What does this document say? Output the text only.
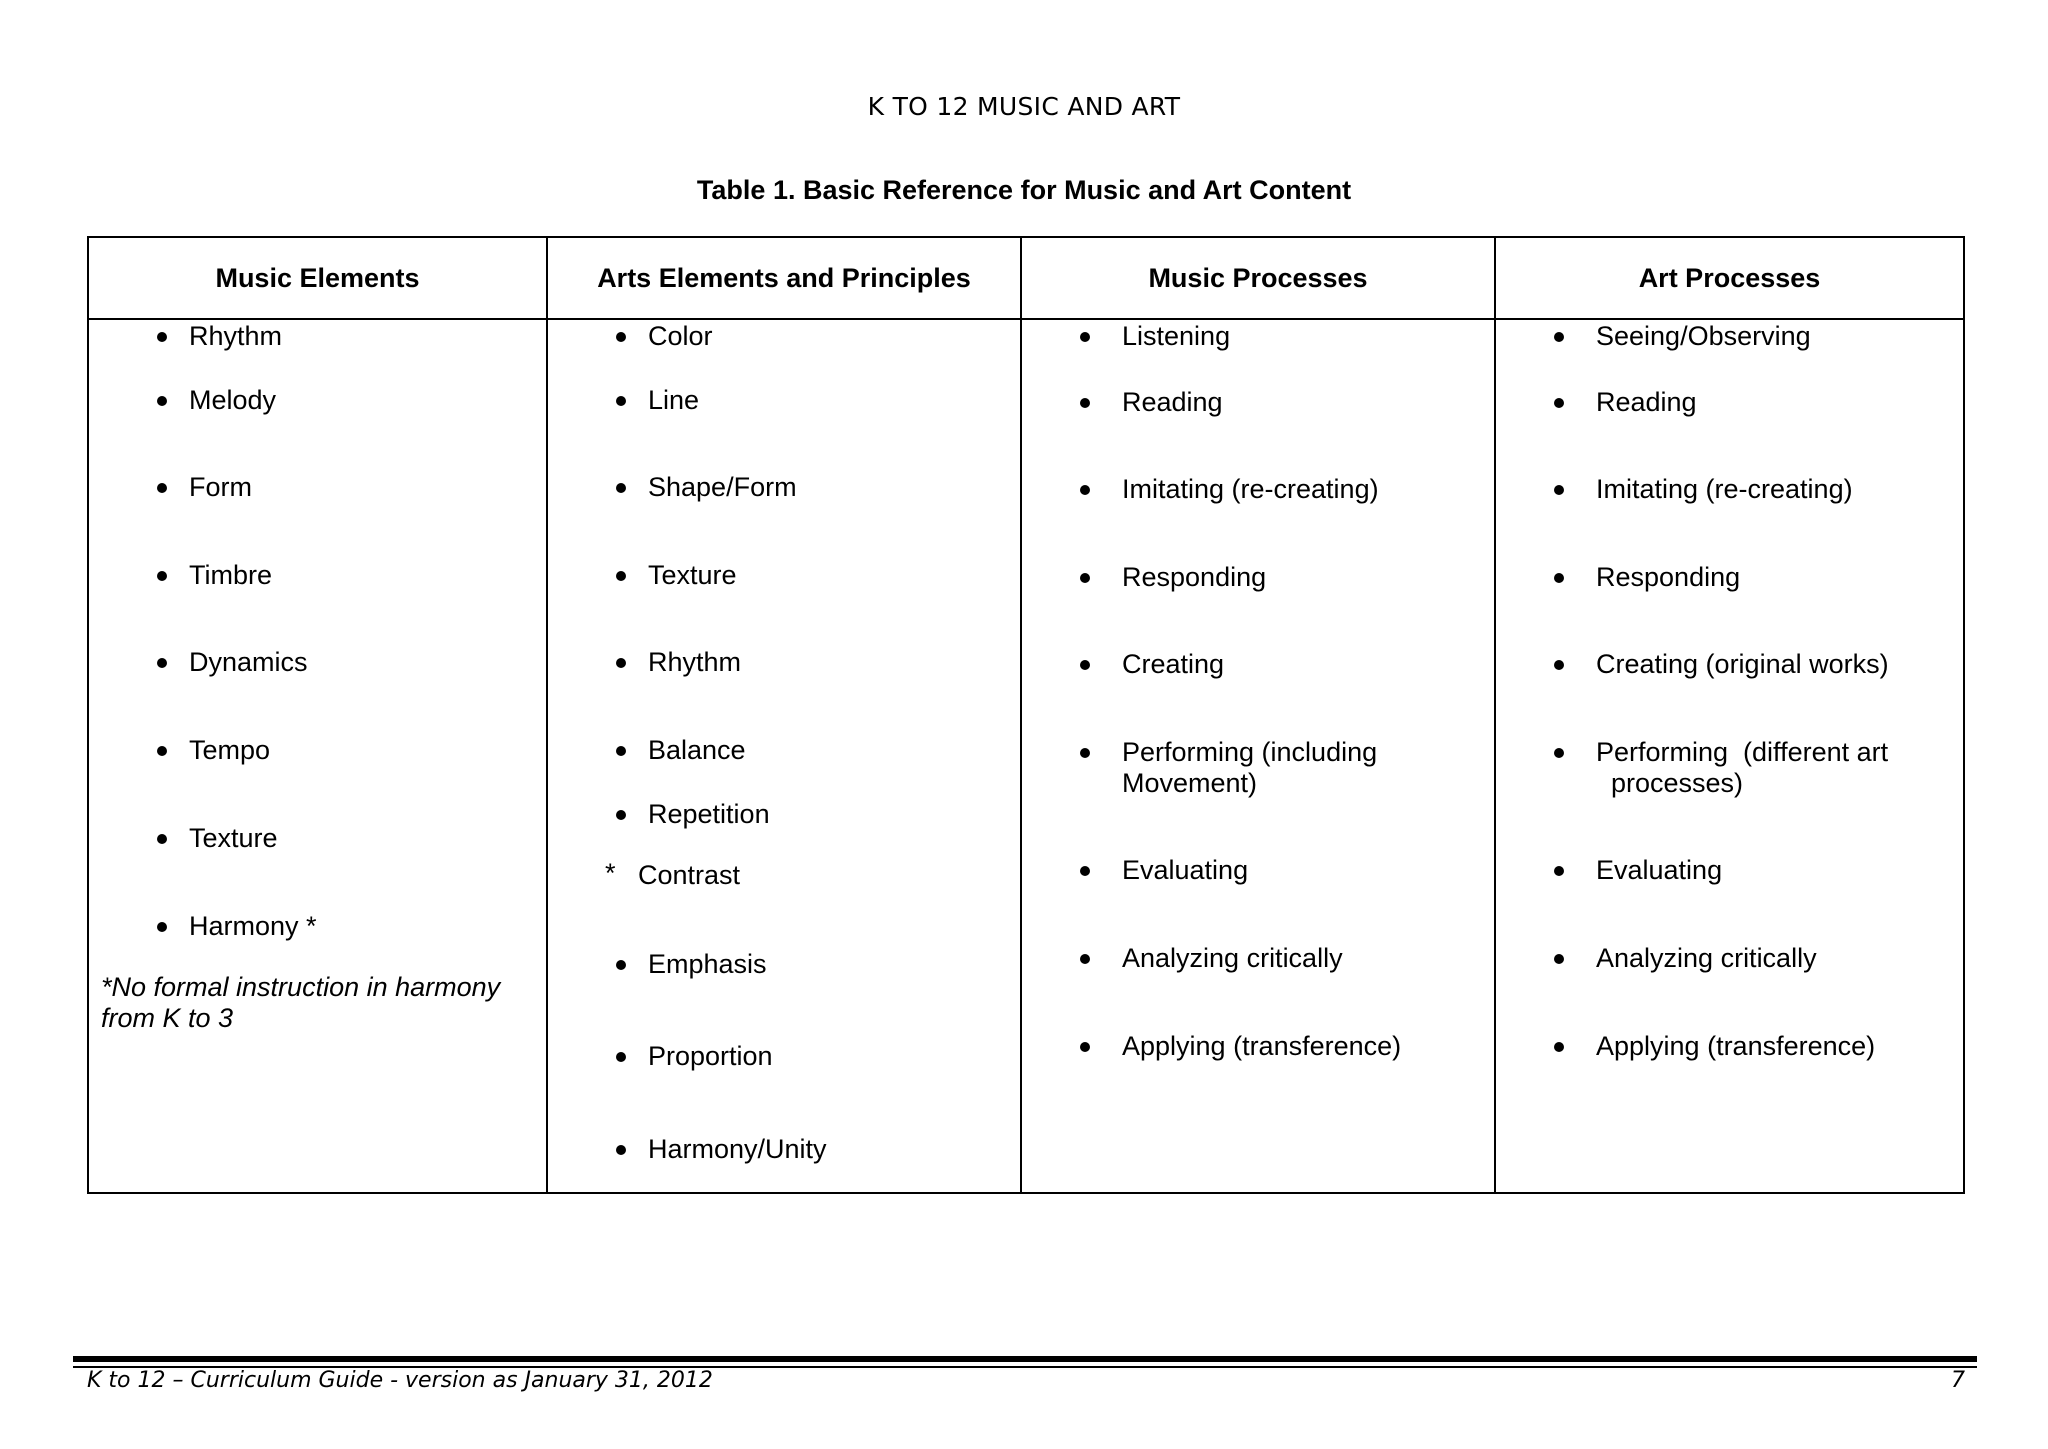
K TO 12 MUSIC AND ART
Table 1. Basic Reference for Music and Art Content
Music Elements
Rhythm
Melody
Form
Timbre
Dynamics
Tempo
Texture
Harmony *
*No formal instruction in harmony
from K to 3
Arts Elements and Principles
Color
Line
Shape/Form
Texture
Rhythm
Balance
Repetition
* Contrast
Emphasis
Proportion
Harmony/Unity
Music Processes
Listening
Reading
Imitating (re-creating)
Responding
Creating
Performing (including
Movement)
Evaluating
Analyzing critically
Applying (transference)
Art Processes
Seeing/Observing
Reading
Imitating (re-creating)
Responding
Creating (original works)
Performing  (different art
processes)
Evaluating
Analyzing critically
Applying (transference)
K to 12 – Curriculum Guide - version as January 31, 2012	7
